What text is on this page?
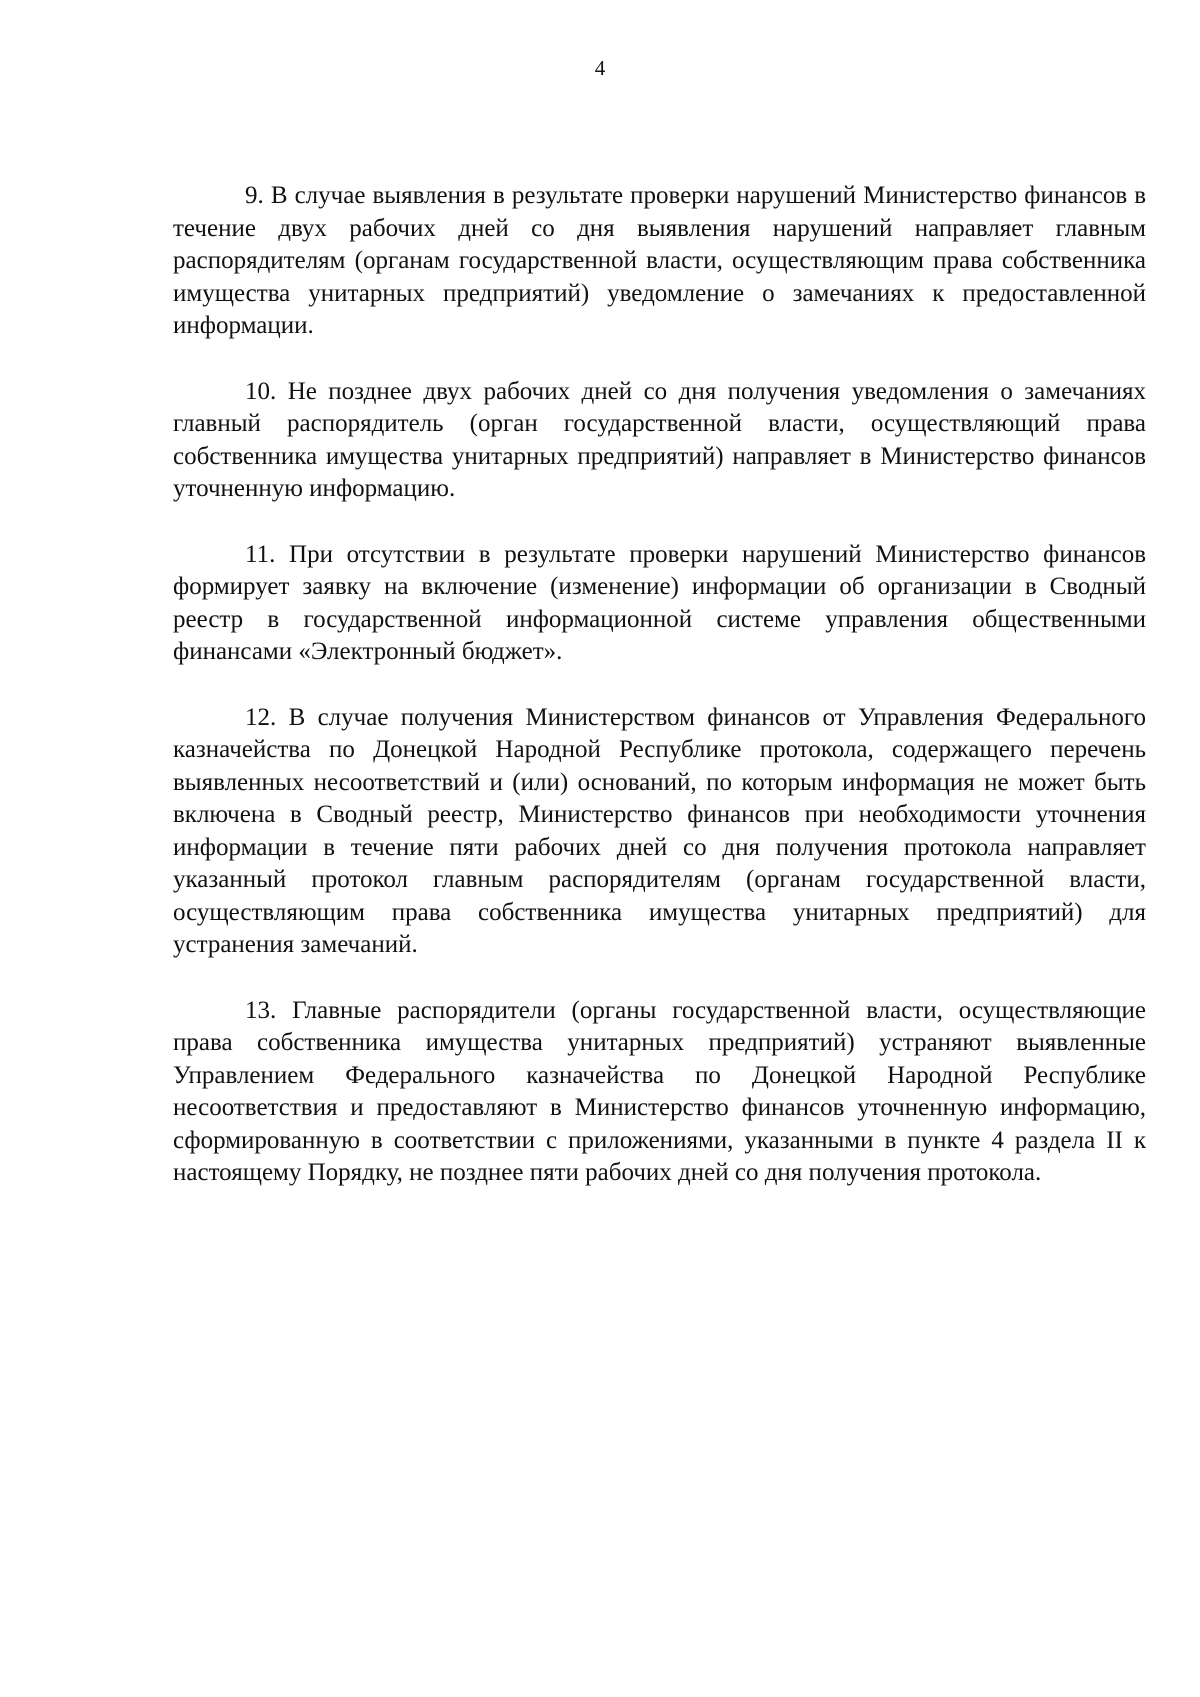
4

9. В случае выявления в результате проверки нарушений Министерство финансов в течение двух рабочих дней со дня выявления нарушений направляет главным распорядителям (органам государственной власти, осуществляющим права собственника имущества унитарных предприятий) уведомление о замечаниях к предоставленной информации.

10. Не позднее двух рабочих дней со дня получения уведомления о замечаниях главный распорядитель (орган государственной власти, осуществляющий права собственника имущества унитарных предприятий) направляет в Министерство финансов уточненную информацию.

11. При отсутствии в результате проверки нарушений Министерство финансов формирует заявку на включение (изменение) информации об организации в Сводный реестр в государственной информационной системе управления общественными финансами «Электронный бюджет».

12. В случае получения Министерством финансов от Управления Федерального казначейства по Донецкой Народной Республике протокола, содержащего перечень выявленных несоответствий и (или) оснований, по которым информация не может быть включена в Сводный реестр, Министерство финансов при необходимости уточнения информации в течение пяти рабочих дней со дня получения протокола направляет указанный протокол главным распорядителям (органам государственной власти, осуществляющим права собственника имущества унитарных предприятий) для устранения замечаний.

13. Главные распорядители (органы государственной власти, осуществляющие права собственника имущества унитарных предприятий) устраняют выявленные Управлением Федерального казначейства по Донецкой Народной Республике несоответствия и предоставляют в Министерство финансов уточненную информацию, сформированную в соответствии с приложениями, указанными в пункте 4 раздела II к настоящему Порядку, не позднее пяти рабочих дней со дня получения протокола.
